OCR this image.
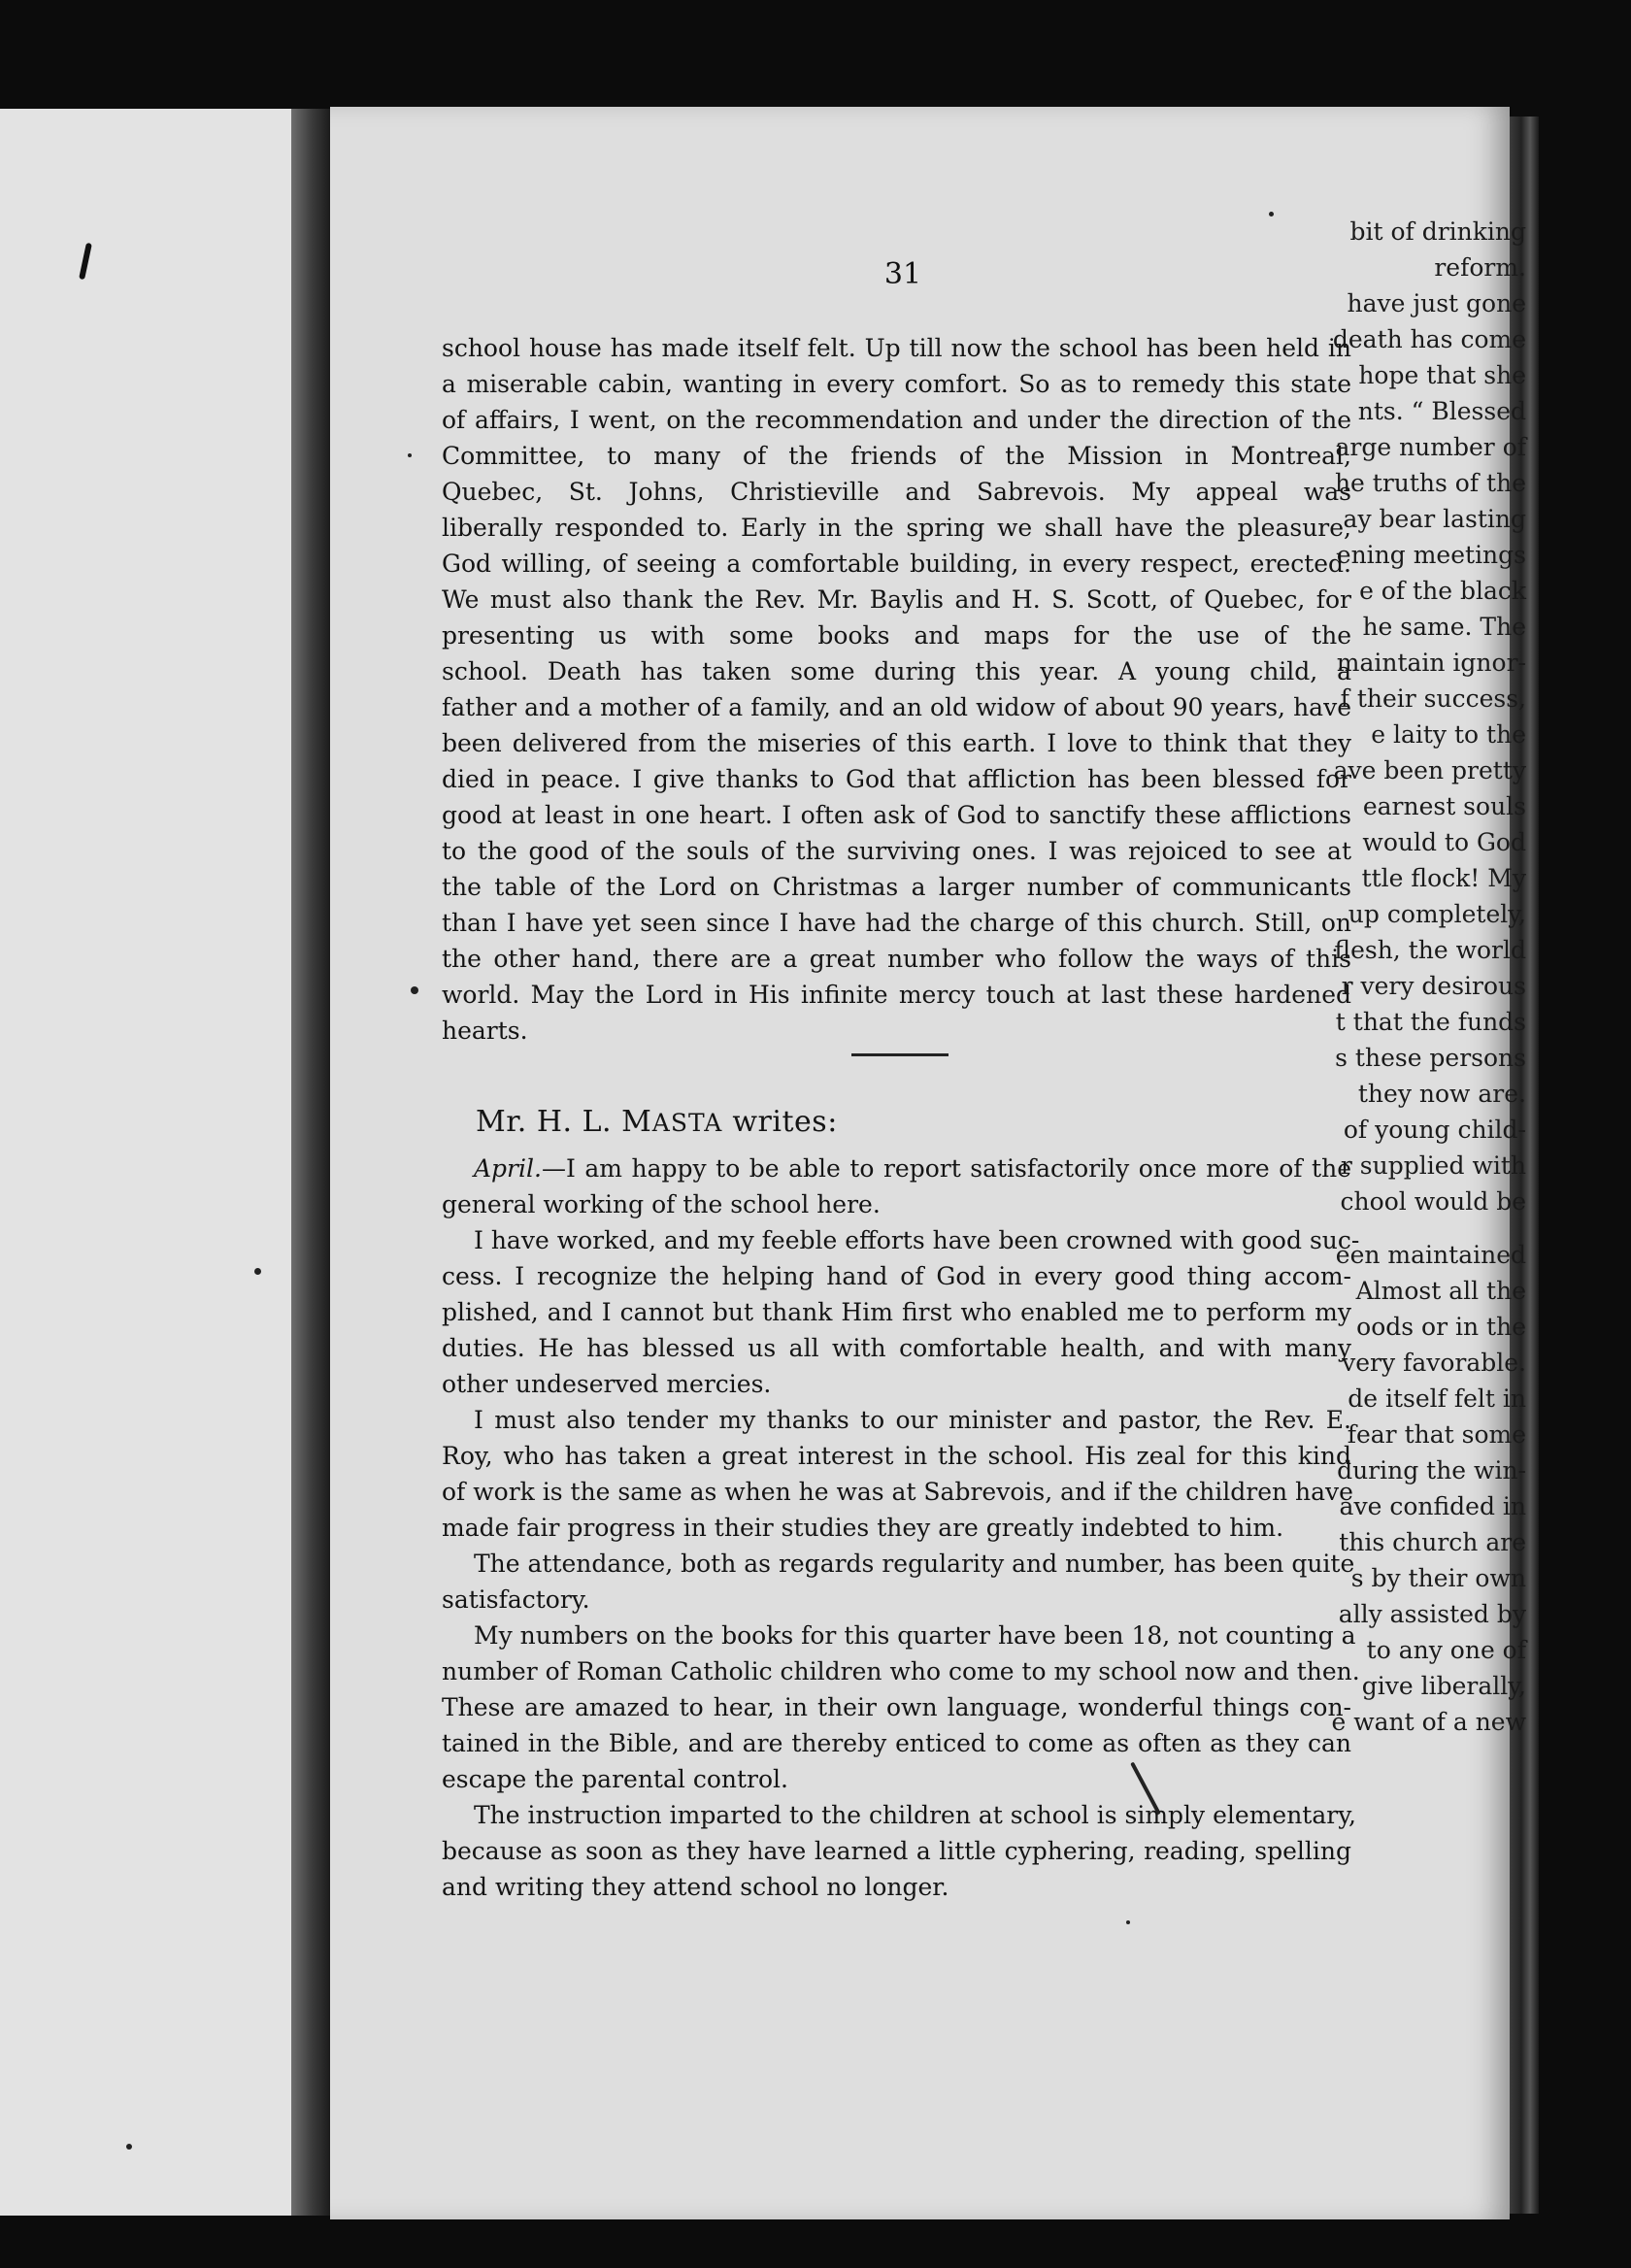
bit of drinking
reform.
have just gone
death has come
hope that she
nts. “ Blessed
arge number of
he truths of the
ay bear lasting
ening meetings
e of the black
he same. The
maintain ignor-
f their success,
e laity to the
ave been pretty
earnest souls
would to God
ttle flock! My
up completely,
flesh, the world
r very desirous
t that the funds
s these persons
they now are.
of young child-
r supplied with
chool would be
een maintained
Almost all the
oods or in the
very favorable.
de itself felt in
fear that some
during the win-
ave confided in
this church are
s by their own
ally assisted by
to any one of
give liberally,
e want of a new
31
school house has made itself felt. Up till now the school has been held in
a miserable cabin, wanting in every comfort. So as to remedy this state
of affairs, I went, on the recommendation and under the direction of the
Committee, to many of the friends of the Mission in Montreal,
Quebec, St. Johns, Christieville and Sabrevois. My appeal was
liberally responded to. Early in the spring we shall have the pleasure,
God willing, of seeing a comfortable building, in every respect, erected.
We must also thank the Rev. Mr. Baylis and H. S. Scott, of Quebec, for
presenting us with some books and maps for the use of the
school. Death has taken some during this year. A young child, a
father and a mother of a family, and an old widow of about 90 years, have
been delivered from the miseries of this earth. I love to think that they
died in peace. I give thanks to God that affliction has been blessed for
good at least in one heart. I often ask of God to sanctify these afflictions
to the good of the souls of the surviving ones. I was rejoiced to see at
the table of the Lord on Christmas a larger number of communicants
than I have yet seen since I have had the charge of this church. Still, on
the other hand, there are a great number who follow the ways of this
world. May the Lord in His infinite mercy touch at last these hardened
hearts.
Mr. H. L. MASTA writes:
April.—I am happy to be able to report satisfactorily once more of the
general working of the school here.
I have worked, and my feeble efforts have been crowned with good suc-
cess. I recognize the helping hand of God in every good thing accom-
plished, and I cannot but thank Him first who enabled me to perform my
duties. He has blessed us all with comfortable health, and with many
other undeserved mercies.
I must also tender my thanks to our minister and pastor, the Rev. E.
Roy, who has taken a great interest in the school. His zeal for this kind
of work is the same as when he was at Sabrevois, and if the children have
made fair progress in their studies they are greatly indebted to him.
The attendance, both as regards regularity and number, has been quite
satisfactory.
My numbers on the books for this quarter have been 18, not counting a
number of Roman Catholic children who come to my school now and then.
These are amazed to hear, in their own language, wonderful things con-
tained in the Bible, and are thereby enticed to come as often as they can
escape the parental control.
The instruction imparted to the children at school is simply elementary,
because as soon as they have learned a little cyphering, reading, spelling
and writing they attend school no longer.
